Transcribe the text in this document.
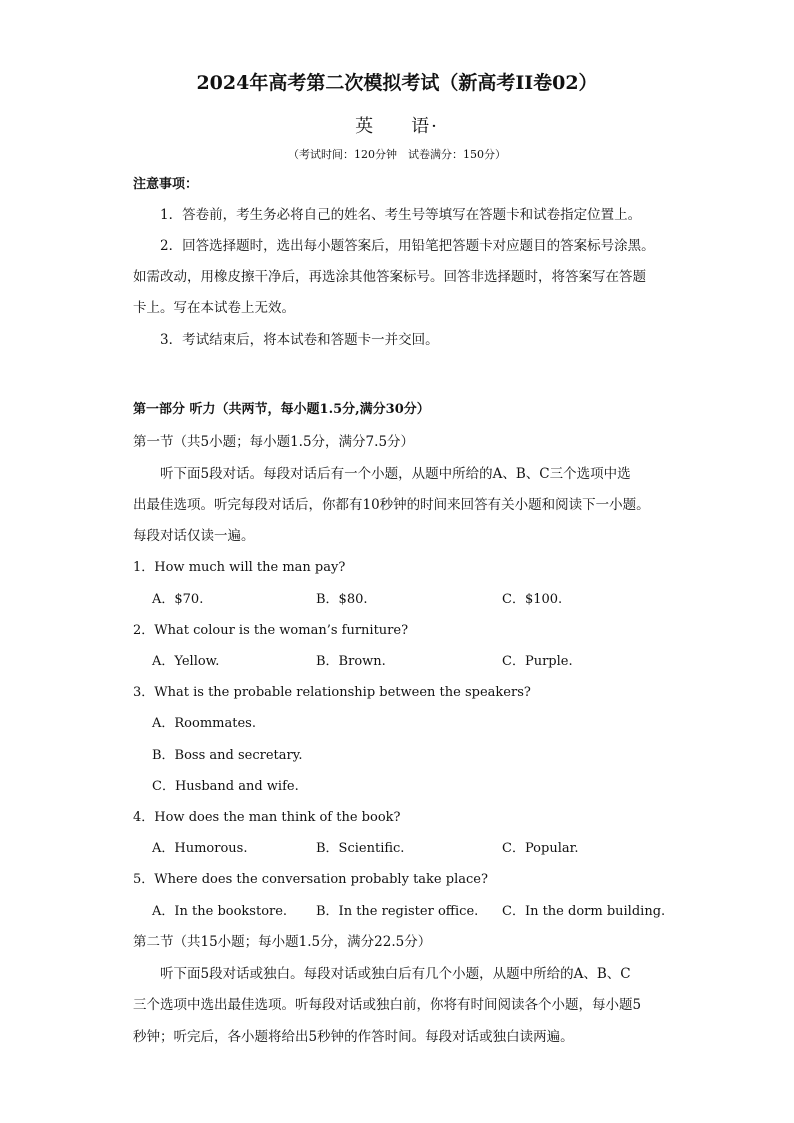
2024年高考第二次模拟考试（新高考II卷02）
英 语·
（考试时间：120分钟　试卷满分：150分）
注意事项：
1．答卷前，考生务必将自己的姓名、考生号等填写在答题卡和试卷指定位置上。
2．回答选择题时，选出每小题答案后，用铅笔把答题卡对应题目的答案标号涂黑。
如需改动，用橡皮擦干净后，再选涂其他答案标号。回答非选择题时，将答案写在答题
卡上。写在本试卷上无效。
3．考试结束后，将本试卷和答题卡一并交回。
第一部分 听力（共两节，每小题1.5分,满分30分）
第一节（共5小题；每小题1.5分，满分7.5分）
听下面5段对话。每段对话后有一个小题，从题中所给的A、B、C三个选项中选
出最佳选项。听完每段对话后，你都有10秒钟的时间来回答有关小题和阅读下一小题。
每段对话仅读一遍。
1．How much will the man pay?
A．$70.	B．$80.	C．$100.
2．What colour is the woman’s furniture?
A．Yellow.	B．Brown.	C．Purple.
3．What is the probable relationship between the speakers?
A．Roommates.
B．Boss and secretary.
C．Husband and wife.
4．How does the man think of the book?
A．Humorous.	B．Scientific.	C．Popular.
5．Where does the conversation probably take place?
A．In the bookstore. B．In the register office. C．In the dorm building.
第二节（共15小题；每小题1.5分，满分22.5分）
听下面5段对话或独白。每段对话或独白后有几个小题，从题中所给的A、B、C
三个选项中选出最佳选项。听每段对话或独白前，你将有时间阅读各个小题，每小题5
秒钟；听完后，各小题将给出5秒钟的作答时间。每段对话或独白读两遍。
